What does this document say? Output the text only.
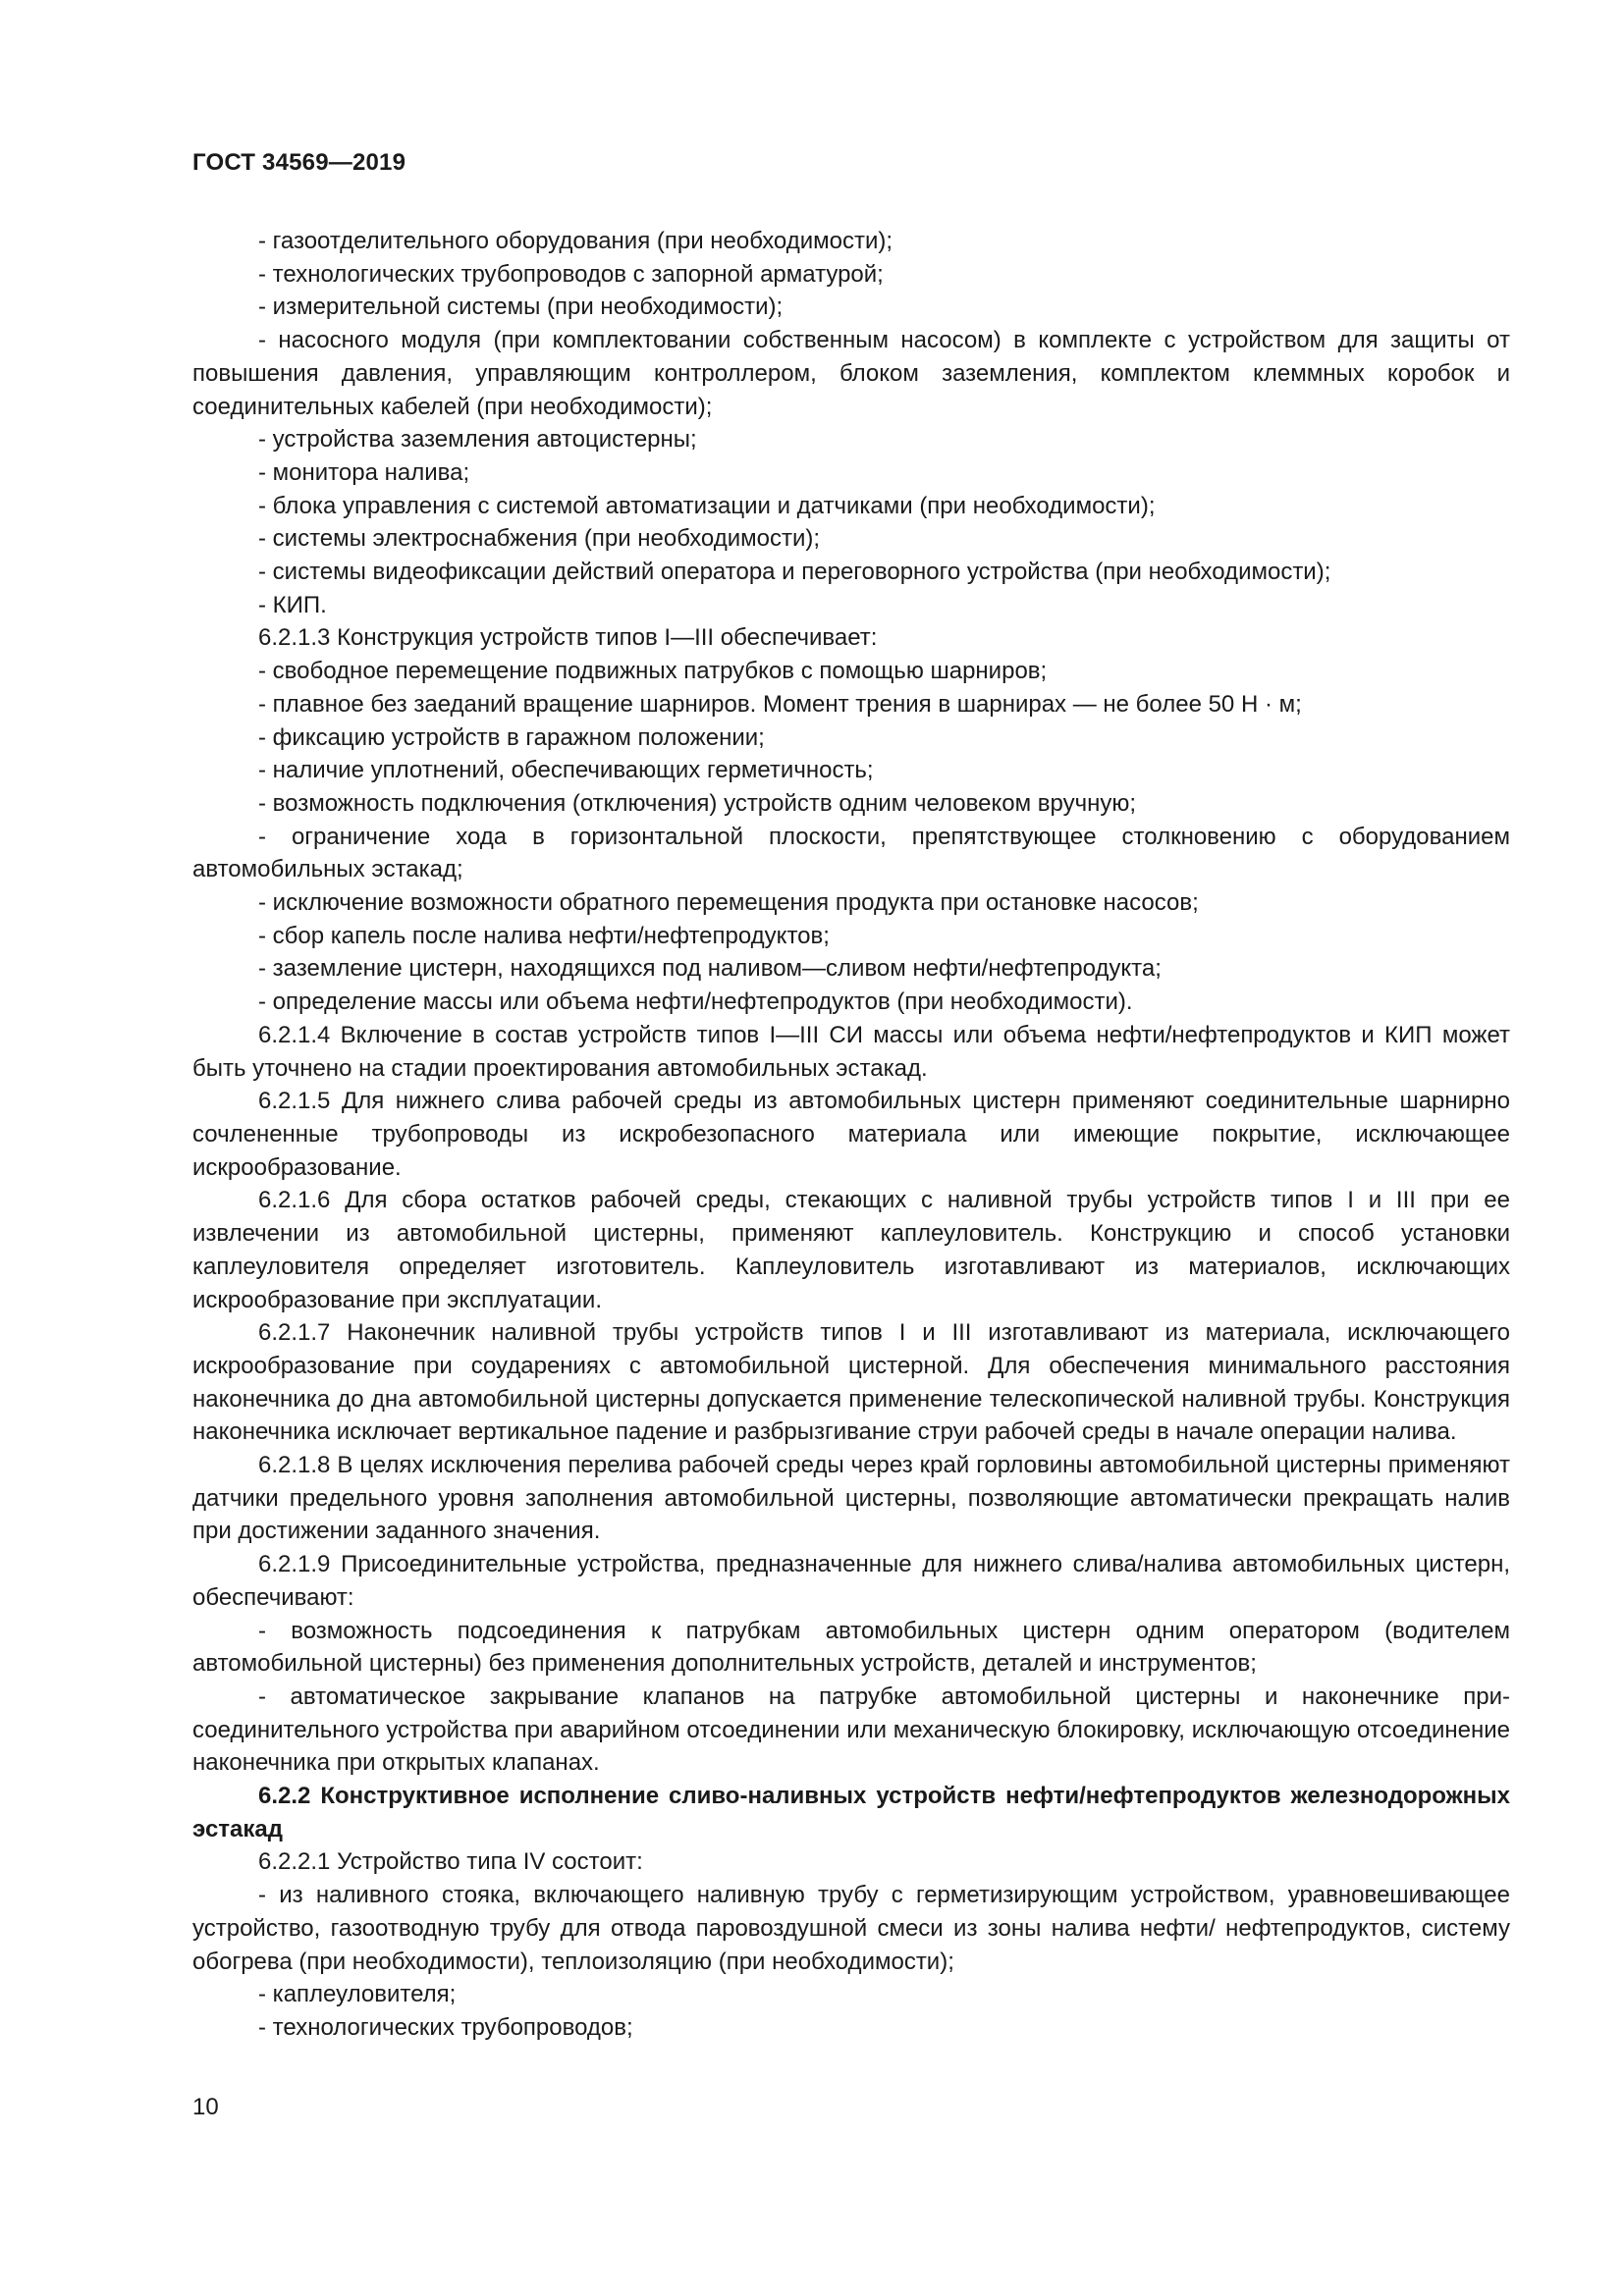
ГОСТ 34569—2019

- газоотделительного оборудования (при необходимости);

- технологических трубопроводов с запорной арматурой;

- измерительной системы (при необходимости);

- насосного модуля (при комплектовании собственным насосом) в комплекте с устройством для защиты от повышения давления, управляющим контроллером, блоком заземления, комплектом клеммных коробок и соединительных кабелей (при необходимости);

- устройства заземления автоцистерны;

- монитора налива;

- блока управления с системой автоматизации и датчиками (при необходимости);

- системы электроснабжения (при необходимости);

- системы видеофиксации действий оператора и переговорного устройства (при необходимости);

- КИП.

6.2.1.3 Конструкция устройств типов I—III обеспечивает:

- свободное перемещение подвижных патрубков с помощью шарниров;

- плавное без заеданий вращение шарниров. Момент трения в шарнирах — не более 50 Н · м;

- фиксацию устройств в гаражном положении;

- наличие уплотнений, обеспечивающих герметичность;

- возможность подключения (отключения) устройств одним человеком вручную;

- ограничение хода в горизонтальной плоскости, препятствующее столкновению с оборудованием автомобильных эстакад;

- исключение возможности обратного перемещения продукта при остановке насосов;

- сбор капель после налива нефти/нефтепродуктов;

- заземление цистерн, находящихся под наливом—сливом нефти/нефтепродукта;

- определение массы или объема нефти/нефтепродуктов (при необходимости).

6.2.1.4 Включение в состав устройств типов I—III СИ массы или объема нефти/нефтепродуктов и КИП может быть уточнено на стадии проектирования автомобильных эстакад.

6.2.1.5 Для нижнего слива рабочей среды из автомобильных цистерн применяют соединительные шарнирно сочлененные трубопроводы из искробезопасного материала или имеющие покрытие, исключающее искрообразование.

6.2.1.6 Для сбора остатков рабочей среды, стекающих с наливной трубы устройств типов I и III при ее извлечении из автомобильной цистерны, применяют каплеуловитель. Конструкцию и способ установки каплеуловителя определяет изготовитель. Каплеуловитель изготавливают из материалов, исключающих искрообразование при эксплуатации.

6.2.1.7 Наконечник наливной трубы устройств типов I и III изготавливают из материала, исключающего искрообразование при соударениях с автомобильной цистерной. Для обеспечения минимального расстояния наконечника до дна автомобильной цистерны допускается применение телескопической наливной трубы. Конструкция наконечника исключает вертикальное падение и разбрызгивание струи рабочей среды в начале операции налива.

6.2.1.8 В целях исключения перелива рабочей среды через край горловины автомобильной цистерны применяют датчики предельного уровня заполнения автомобильной цистерны, позволяющие автоматически прекращать налив при достижении заданного значения.

6.2.1.9 Присоединительные устройства, предназначенные для нижнего слива/налива автомобильных цистерн, обеспечивают:

- возможность подсоединения к патрубкам автомобильных цистерн одним оператором (водителем автомобильной цистерны) без применения дополнительных устройств, деталей и инструментов;

- автоматическое закрывание клапанов на патрубке автомобильной цистерны и наконечнике присоединительного устройства при аварийном отсоединении или механическую блокировку, исключающую отсоединение наконечника при открытых клапанах.

6.2.2 Конструктивное исполнение сливо-наливных устройств нефти/нефтепродуктов железнодорожных эстакад

6.2.2.1 Устройство типа IV состоит:

- из наливного стояка, включающего наливную трубу с герметизирующим устройством, уравновешивающее устройство, газоотводную трубу для отвода паровоздушной смеси из зоны налива нефти/ нефтепродуктов, систему обогрева (при необходимости), теплоизоляцию (при необходимости);

- каплеуловителя;

- технологических трубопроводов;

10
